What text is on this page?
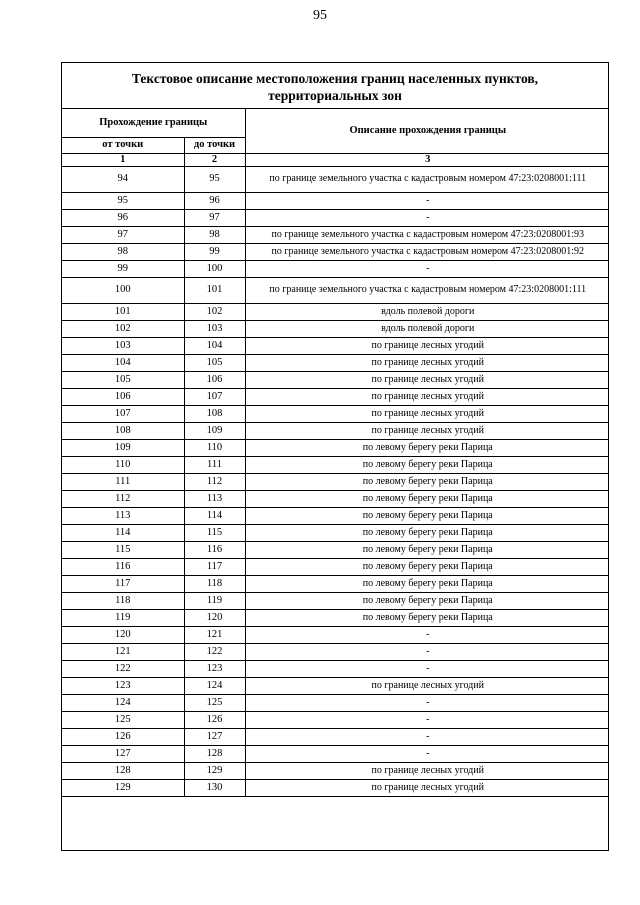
95
Текстовое описание местоположения границ населенных пунктов,
территориальных зон
Прохождение границы		Описание прохождения границы
от точки	до точки	
1	2	3
94	95	по границе земельного участка с кадастровым номером 47:23:0208001:111
95	96	-
96	97	-
97	98	по границе земельного участка с кадастровым номером 47:23:0208001:93
98	99	по границе земельного участка с кадастровым номером 47:23:0208001:92
99	100	-
100	101	по границе земельного участка с кадастровым номером 47:23:0208001:111
101	102	вдоль полевой дороги
102	103	вдоль полевой дороги
103	104	по границе лесных угодий
104	105	по границе лесных угодий
105	106	по границе лесных угодий
106	107	по границе лесных угодий
107	108	по границе лесных угодий
108	109	по границе лесных угодий
109	110	по левому берегу реки Парица
110	111	по левому берегу реки Парица
111	112	по левому берегу реки Парица
112	113	по левому берегу реки Парица
113	114	по левому берегу реки Парица
114	115	по левому берегу реки Парица
115	116	по левому берегу реки Парица
116	117	по левому берегу реки Парица
117	118	по левому берегу реки Парица
118	119	по левому берегу реки Парица
119	120	по левому берегу реки Парица
120	121	-
121	122	-
122	123	-
123	124	по границе лесных угодий
124	125	-
125	126	-
126	127	-
127	128	-
128	129	по границе лесных угодий
129	130	по границе лесных угодий
